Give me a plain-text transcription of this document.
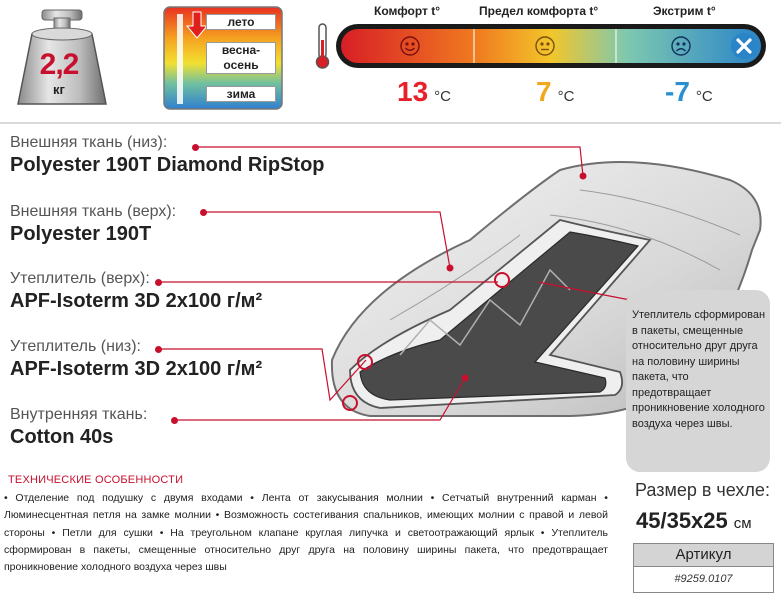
2,2
кг
лето
весна-
осень
зима
Комфорт t°	Предел комфорта t°	Экстрим t°
13 °C	7 °C	-7 °C
Внешняя ткань (низ):
Polyester 190T Diamond RipStop
Внешняя ткань (верх):
Polyester 190T
Утеплитель (верх):
APF-Isoterm 3D 2х100 г/м²
Утеплитель (низ):
APF-Isoterm 3D 2х100 г/м²
Внутренняя ткань:
Cotton 40s
Утеплитель сформирован в пакеты, смещенные относительно друг друга на половину ширины пакета, что предотвращает проникновение холодного воздуха через швы.
ТЕХНИЧЕСКИЕ ОСОБЕННОСТИ
• Отделение под подушку с двумя входами • Лента от закусывания молнии • Сетчатый внутренний карман • Люминесцентная петля на замке молнии • Возможность состегивания спальников, имеющих молнии с правой и левой стороны • Петли для сушки • На треугольном клапане круглая липучка и светоотражающий ярлык • Утеплитель сформирован в пакеты, смещенные относительно друг друга на половину ширины пакета, что предотвращает проникновение холодного воздуха через швы
Размер в чехле:
45/35x25 см
Артикул
#9259.0107
